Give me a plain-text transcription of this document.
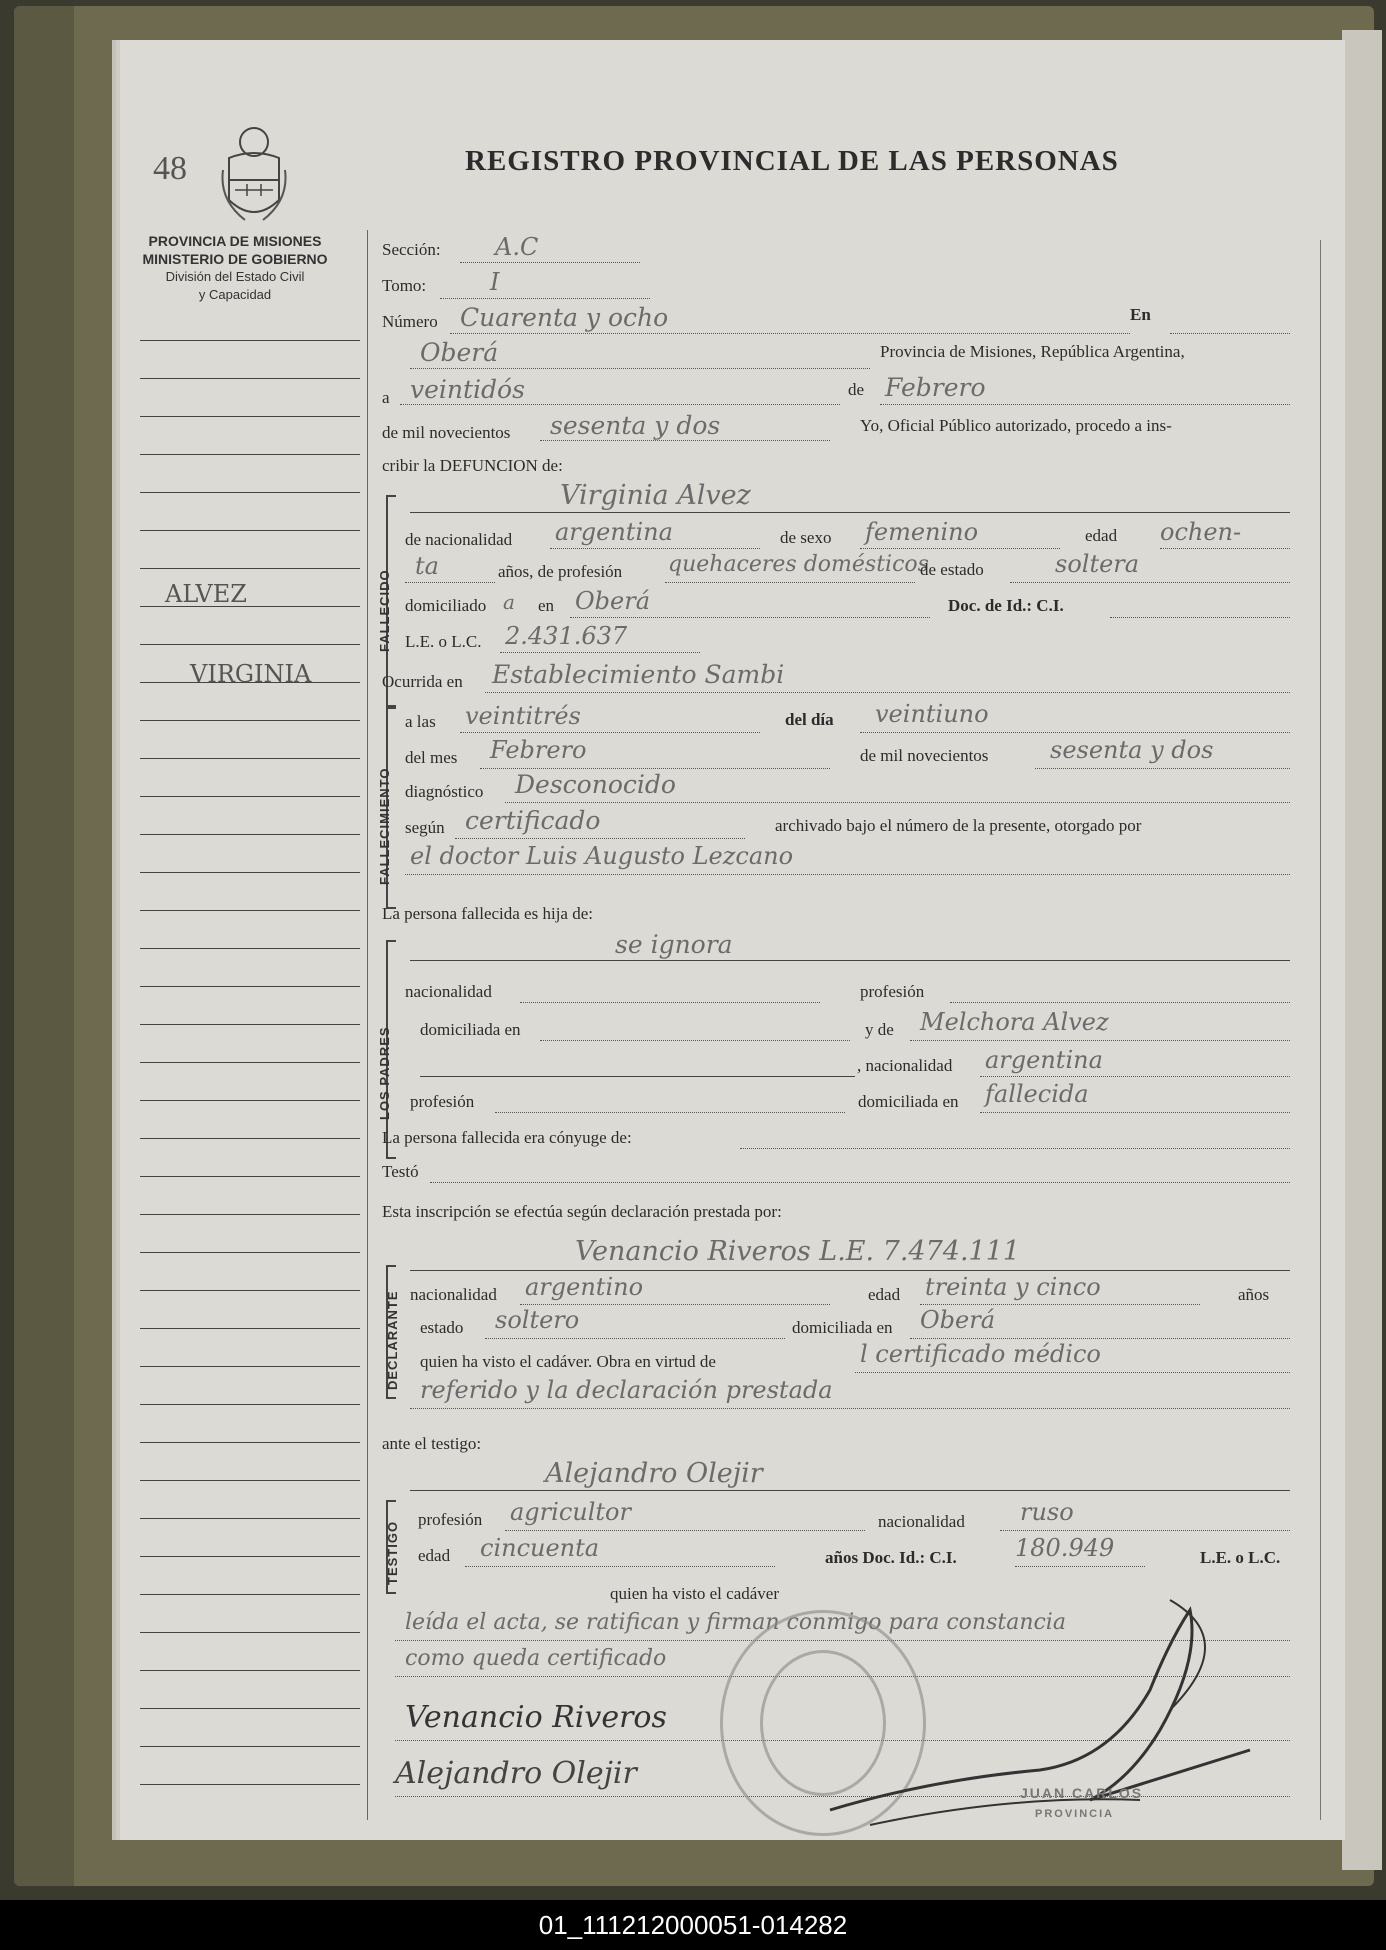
48	REGISTRO PROVINCIAL DE LAS PERSONAS
PROVINCIA DE MISIONES
MINISTERIO DE GOBIERNO
División del Estado Civil
y Capacidad
ALVEZ
VIRGINIA
Sección: A.C
Tomo:	I
Número Cuarenta y ocho	En
Oberá	Provincia de Misiones, República Argentina,
a veintidós	de Febrero
de mil novecientos sesenta y dos	Yo, Oficial Público autorizado, procedo a ins-
cribir la DEFUNCION de:
FALLECIDO
Virginia Alvez
de nacionalidad argentina	de sexo femenino	edad ochen-
ta	años, de profesión quehaceres domésticos
de estado	soltera
domiciliado a en Oberá	Doc. de Id.: C.I.
L.E. o L.C. 2.431.637
Ocurrida en Establecimiento Sambi
FALLECIMIENTO
a las veintitrés	del día veintiuno
del mes Febrero	de mil novecientos	sesenta y dos
diagnóstico Desconocido
según certificado	archivado bajo el número de la presente, otorgado por
el doctor Luis Augusto Lezcano
La persona fallecida es hija de:
LOS PADRES
se ignora
nacionalidad	profesión
domiciliada en	y de Melchora Alvez
, nacionalidad argentina
profesión	domiciliada en fallecida
La persona fallecida era cónyuge de:
Testó
Esta inscripción se efectúa según declaración prestada por:
DECLARANTE
Venancio Riveros L.E. 7.474.111
nacionalidad argentino	edad treinta y cinco	años
estado soltero	domiciliada en Oberá
quien ha visto el cadáver. Obra en virtud de	l certificado médico
referido y la declaración prestada
ante el testigo:
TESTIGO
Alejandro Olejir
profesión agricultor	nacionalidad ruso
edad cincuenta	años Doc. Id.: C.I. 180.949	L.E. o L.C.
quien ha visto el cadáver
leída el acta, se ratifican y firman conmigo para constancia
como queda certificado
Venancio Riveros
Alejandro Olejir
JUAN CARLOS
PROVINCIA
01_111212000051-014282
